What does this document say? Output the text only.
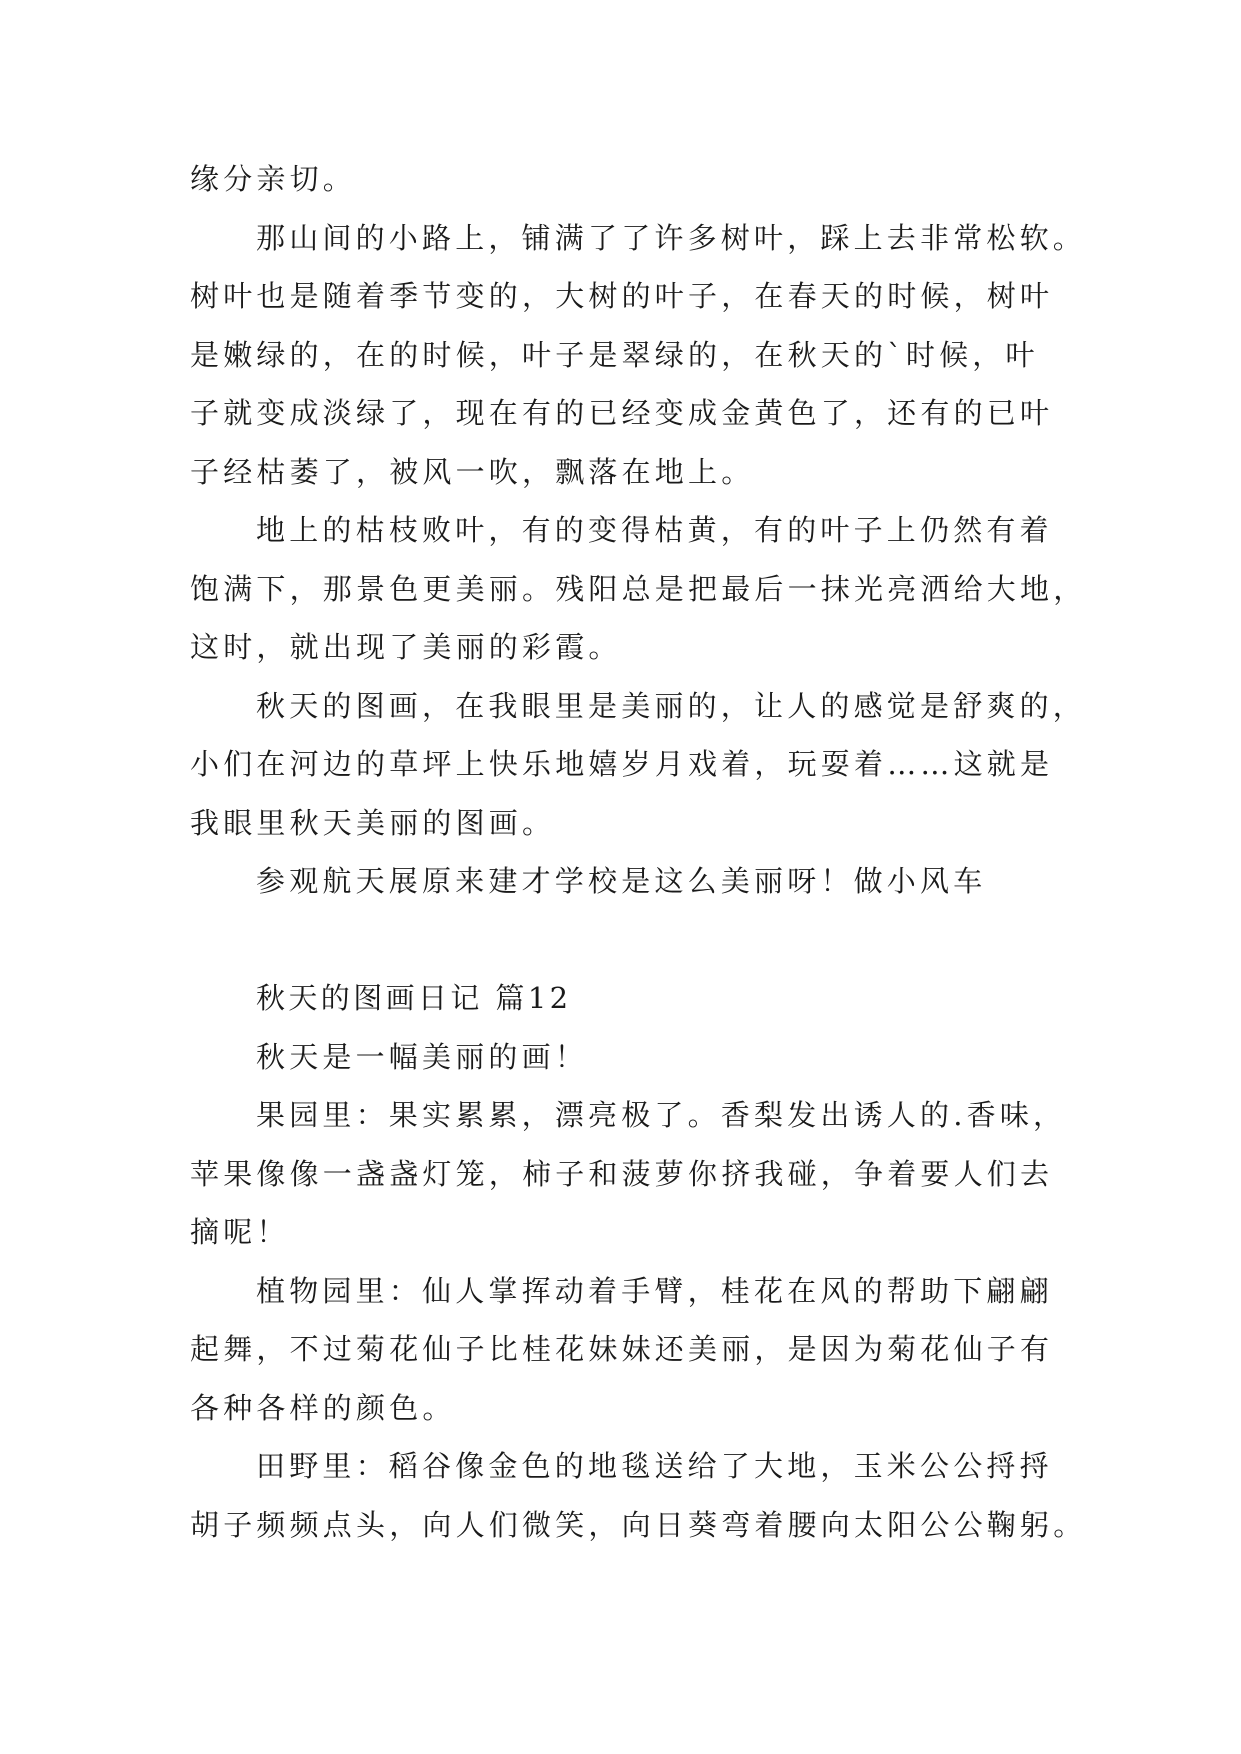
缘分亲切。
那山间的小路上，铺满了了许多树叶，踩上去非常松软。
树叶也是随着季节变的，大树的叶子，在春天的时候，树叶
是嫩绿的，在的时候，叶子是翠绿的，在秋天的`时候，叶
子就变成淡绿了，现在有的已经变成金黄色了，还有的已叶
子经枯萎了，被风一吹，飘落在地上。
地上的枯枝败叶，有的变得枯黄，有的叶子上仍然有着
饱满下，那景色更美丽。残阳总是把最后一抹光亮洒给大地，
这时，就出现了美丽的彩霞。
秋天的图画，在我眼里是美丽的，让人的感觉是舒爽的，
小们在河边的草坪上快乐地嬉岁月戏着，玩耍着……这就是
我眼里秋天美丽的图画。
参观航天展原来建才学校是这么美丽呀！做小风车
秋天的图画日记 篇12
秋天是一幅美丽的画！
果园里：果实累累，漂亮极了。香梨发出诱人的.香味，
苹果像像一盏盏灯笼，柿子和菠萝你挤我碰，争着要人们去
摘呢！
植物园里：仙人掌挥动着手臂，桂花在风的帮助下翩翩
起舞，不过菊花仙子比桂花妹妹还美丽，是因为菊花仙子有
各种各样的颜色。
田野里：稻谷像金色的地毯送给了大地，玉米公公捋捋
胡子频频点头，向人们微笑，向日葵弯着腰向太阳公公鞠躬。
